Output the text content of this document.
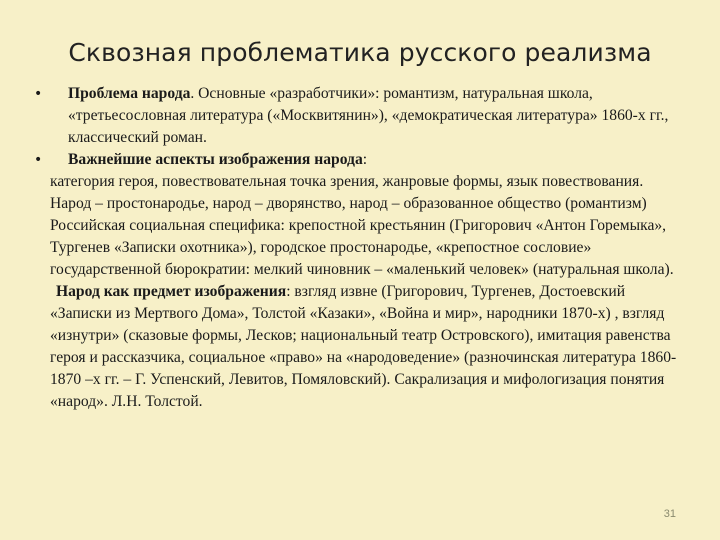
Сквозная проблематика русского реализма

•	Проблема народа. Основные «разработчики»: романтизм, натуральная школа, «третьесословная литература («Москвитянин»), «демократическая литература» 1860-х гг., классический роман.

•	Важнейшие аспекты изображения народа:

категория героя, повествовательная точка зрения, жанровые формы, язык повествования.

Народ – простонародье, народ – дворянство, народ – образованное общество (романтизм)

Российская социальная специфика: крепостной крестьянин (Григорович «Антон Горемыка», Тургенев «Записки охотника»), городское простонародье, «крепостное сословие» государственной бюрократии: мелкий чиновник – «маленький человек» (натуральная школа).

Народ как предмет изображения: взгляд извне (Григорович, Тургенев, Достоевский «Записки из Мертвого Дома», Толстой «Казаки», «Война и мир», народники 1870-х) , взгляд «изнутри» (сказовые формы, Лесков; национальный театр Островского), имитация равенства героя и рассказчика, социальное «право» на «народоведение» (разночинская литература 1860-1870 –х гг. – Г. Успенский, Левитов, Помяловский). Сакрализация и мифологизация понятия «народ». Л.Н. Толстой.

31
